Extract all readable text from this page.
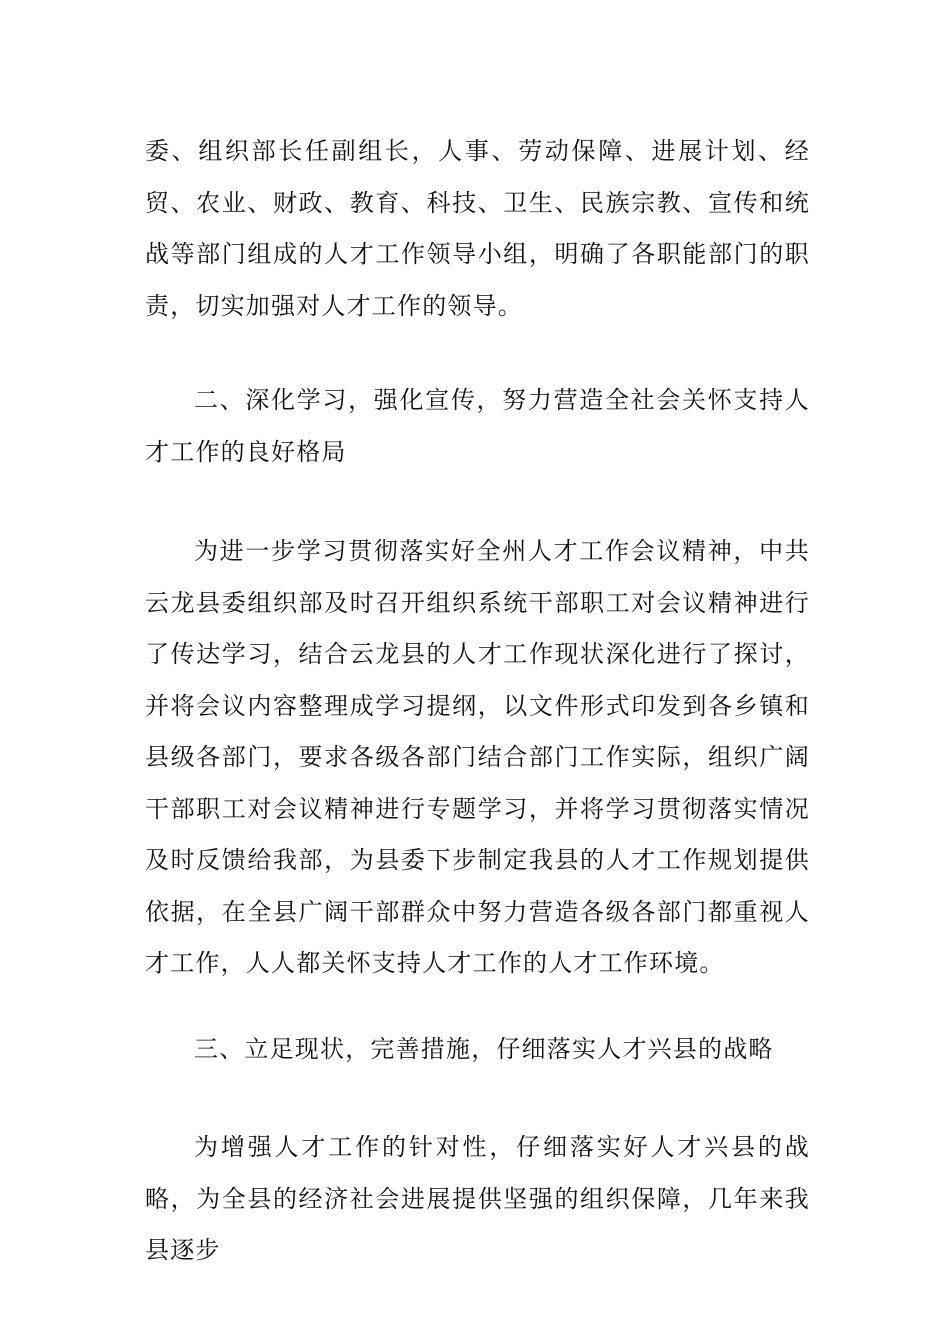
委、组织部长任副组长，人事、劳动保障、进展计划、经贸、农业、财政、教育、科技、卫生、民族宗教、宣传和统战等部门组成的人才工作领导小组，明确了各职能部门的职责，切实加强对人才工作的领导。

二、深化学习，强化宣传，努力营造全社会关怀支持人才工作的良好格局

为进一步学习贯彻落实好全州人才工作会议精神，中共云龙县委组织部及时召开组织系统干部职工对会议精神进行了传达学习，结合云龙县的人才工作现状深化进行了探讨，并将会议内容整理成学习提纲，以文件形式印发到各乡镇和县级各部门，要求各级各部门结合部门工作实际，组织广阔干部职工对会议精神进行专题学习，并将学习贯彻落实情况及时反馈给我部，为县委下步制定我县的人才工作规划提供依据，在全县广阔干部群众中努力营造各级各部门都重视人才工作，人人都关怀支持人才工作的人才工作环境。

三、立足现状，完善措施，仔细落实人才兴县的战略

为增强人才工作的针对性，仔细落实好人才兴县的战略，为全县的经济社会进展提供坚强的组织保障，几年来我县逐步
